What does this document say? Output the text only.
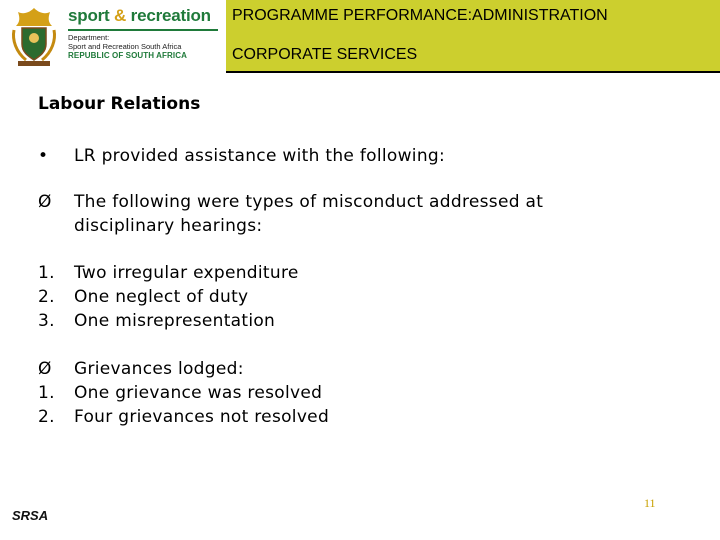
sport & recreation
Department:
Sport and Recreation South Africa
REPUBLIC OF SOUTH AFRICA
PROGRAMME PERFORMANCE:ADMINISTRATION
CORPORATE SERVICES
Labour Relations
• LR provided assistance with the following:
Ø The following were types of misconduct addressed at
disciplinary hearings:
1. Two irregular expenditure
2. One neglect of duty
3. One misrepresentation
Ø Grievances lodged:
1. One grievance was resolved
2. Four grievances not resolved
SRSA
11
